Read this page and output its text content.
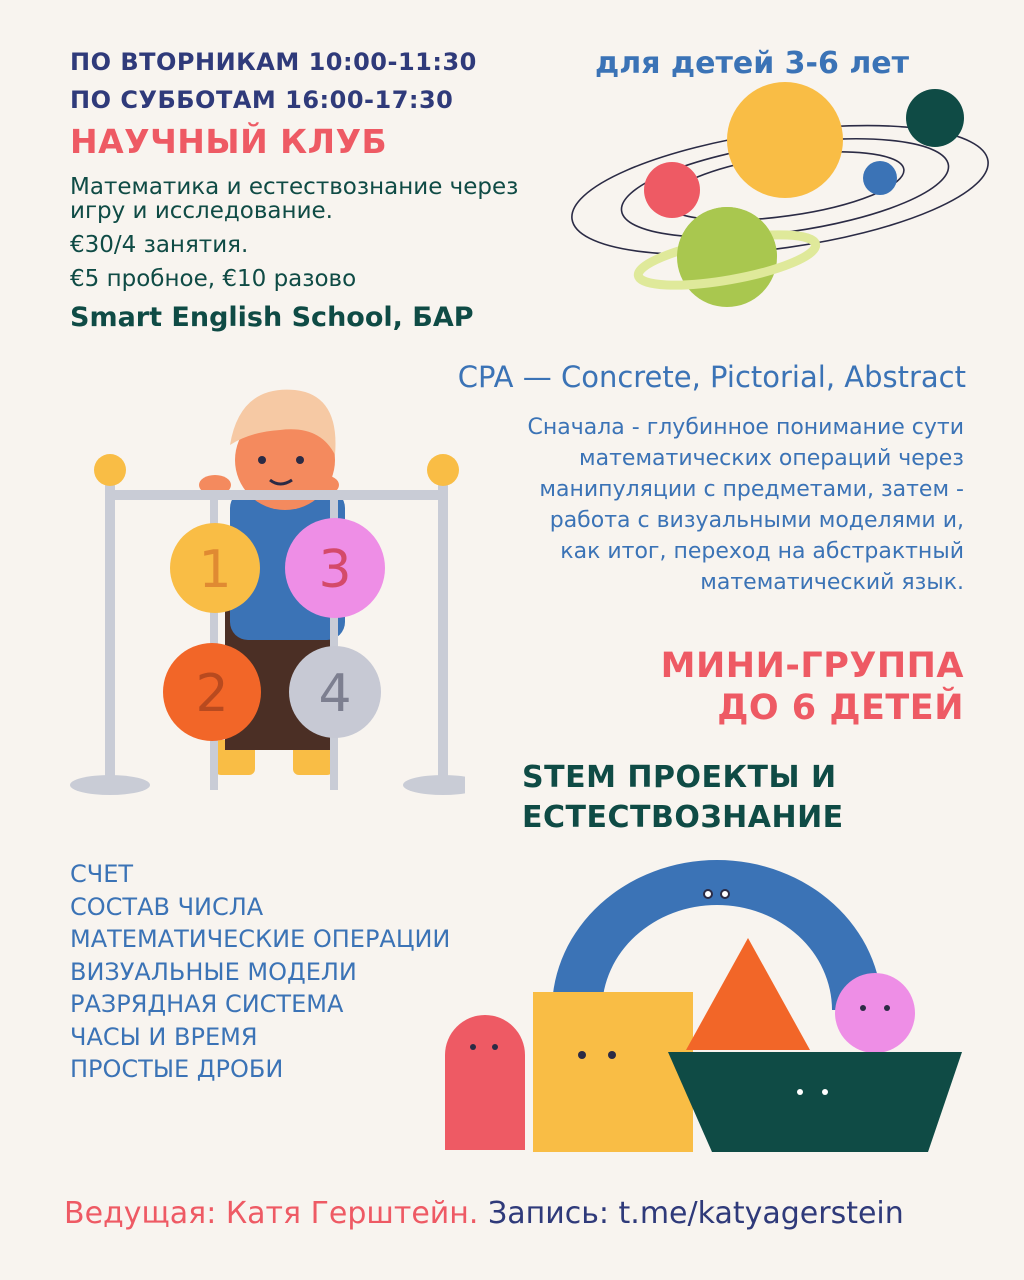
ПО ВТОРНИКАМ 10:00-11:30
ПО СУББОТАМ 16:00-17:30
для детей 3-6 лет
НАУЧНЫЙ КЛУБ
Математика и естествознание через игру и исследование.
€30/4 занятия.
€5 пробное, €10 разово
Smart English School, БАР
CPA — Concrete, Pictorial, Abstract
Сначала - глубинное понимание сути математических операций через манипуляции с предметами, затем - работа с визуальными моделями и, как итог, переход на абстрактный математический язык.
МИНИ-ГРУППА
ДО 6 ДЕТЕЙ
STEM ПРОЕКТЫ И
ЕСТЕСТВОЗНАНИЕ
СЧЕТ
СОСТАВ ЧИСЛА
МАТЕМАТИЧЕСКИЕ ОПЕРАЦИИ
ВИЗУАЛЬНЫЕ МОДЕЛИ
РАЗРЯДНАЯ СИСТЕМА
ЧАСЫ И ВРЕМЯ
ПРОСТЫЕ ДРОБИ
Ведущая: Катя Герштейн. Запись: t.me/katyagerstein
1 3
2 4
